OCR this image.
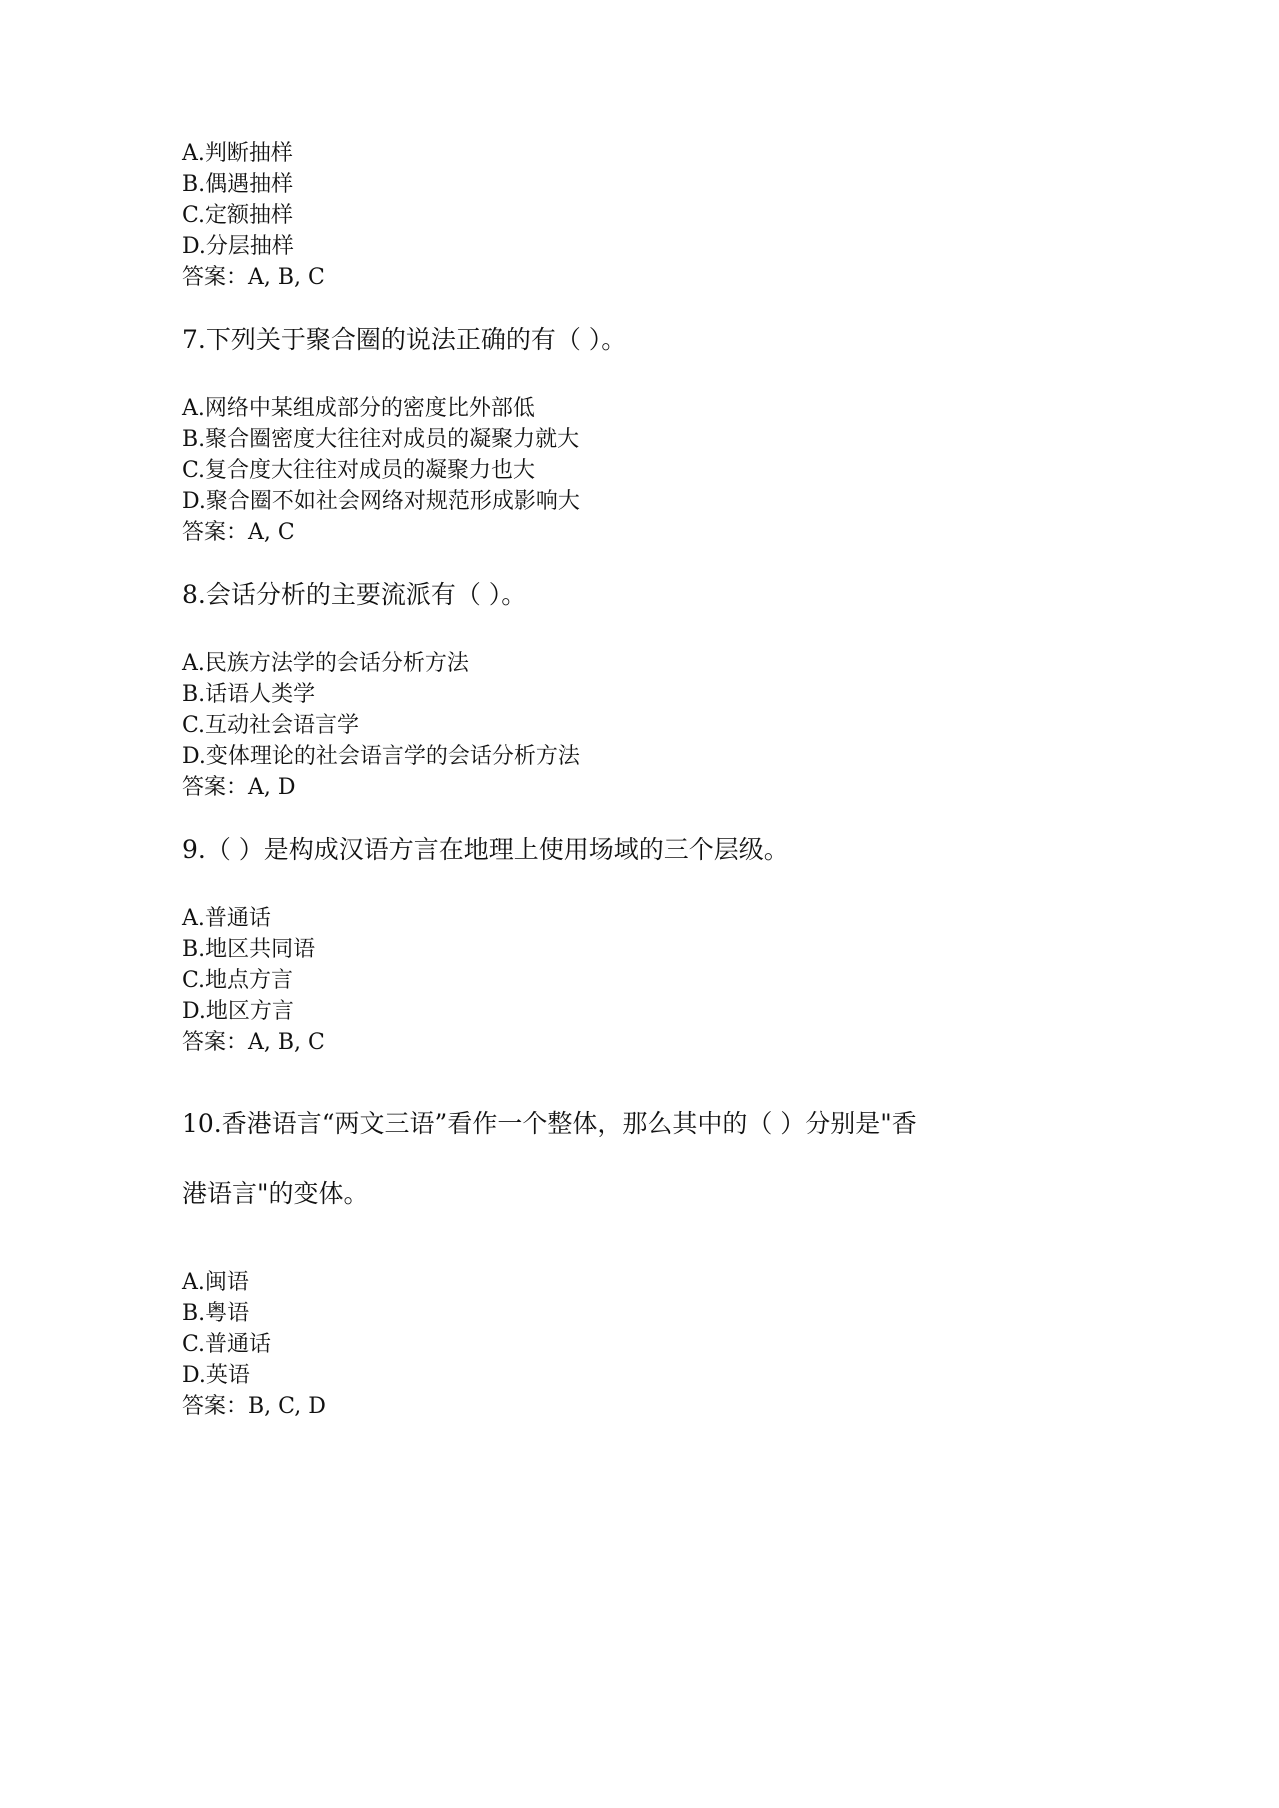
A.判断抽样
B.偶遇抽样
C.定额抽样
D.分层抽样
答案：A, B, C
7.下列关于聚合圈的说法正确的有（ ）。
A.网络中某组成部分的密度比外部低
B.聚合圈密度大往往对成员的凝聚力就大
C.复合度大往往对成员的凝聚力也大
D.聚合圈不如社会网络对规范形成影响大
答案：A, C
8.会话分析的主要流派有（ ）。
A.民族方法学的会话分析方法
B.话语人类学
C.互动社会语言学
D.变体理论的社会语言学的会话分析方法
答案：A, D
9.（ ）是构成汉语方言在地理上使用场域的三个层级。
A.普通话
B.地区共同语
C.地点方言
D.地区方言
答案：A, B, C
10.香港语言“两文三语”看作一个整体，那么其中的（ ）分别是"香
港语言"的变体。
A.闽语
B.粤语
C.普通话
D.英语
答案：B, C, D
